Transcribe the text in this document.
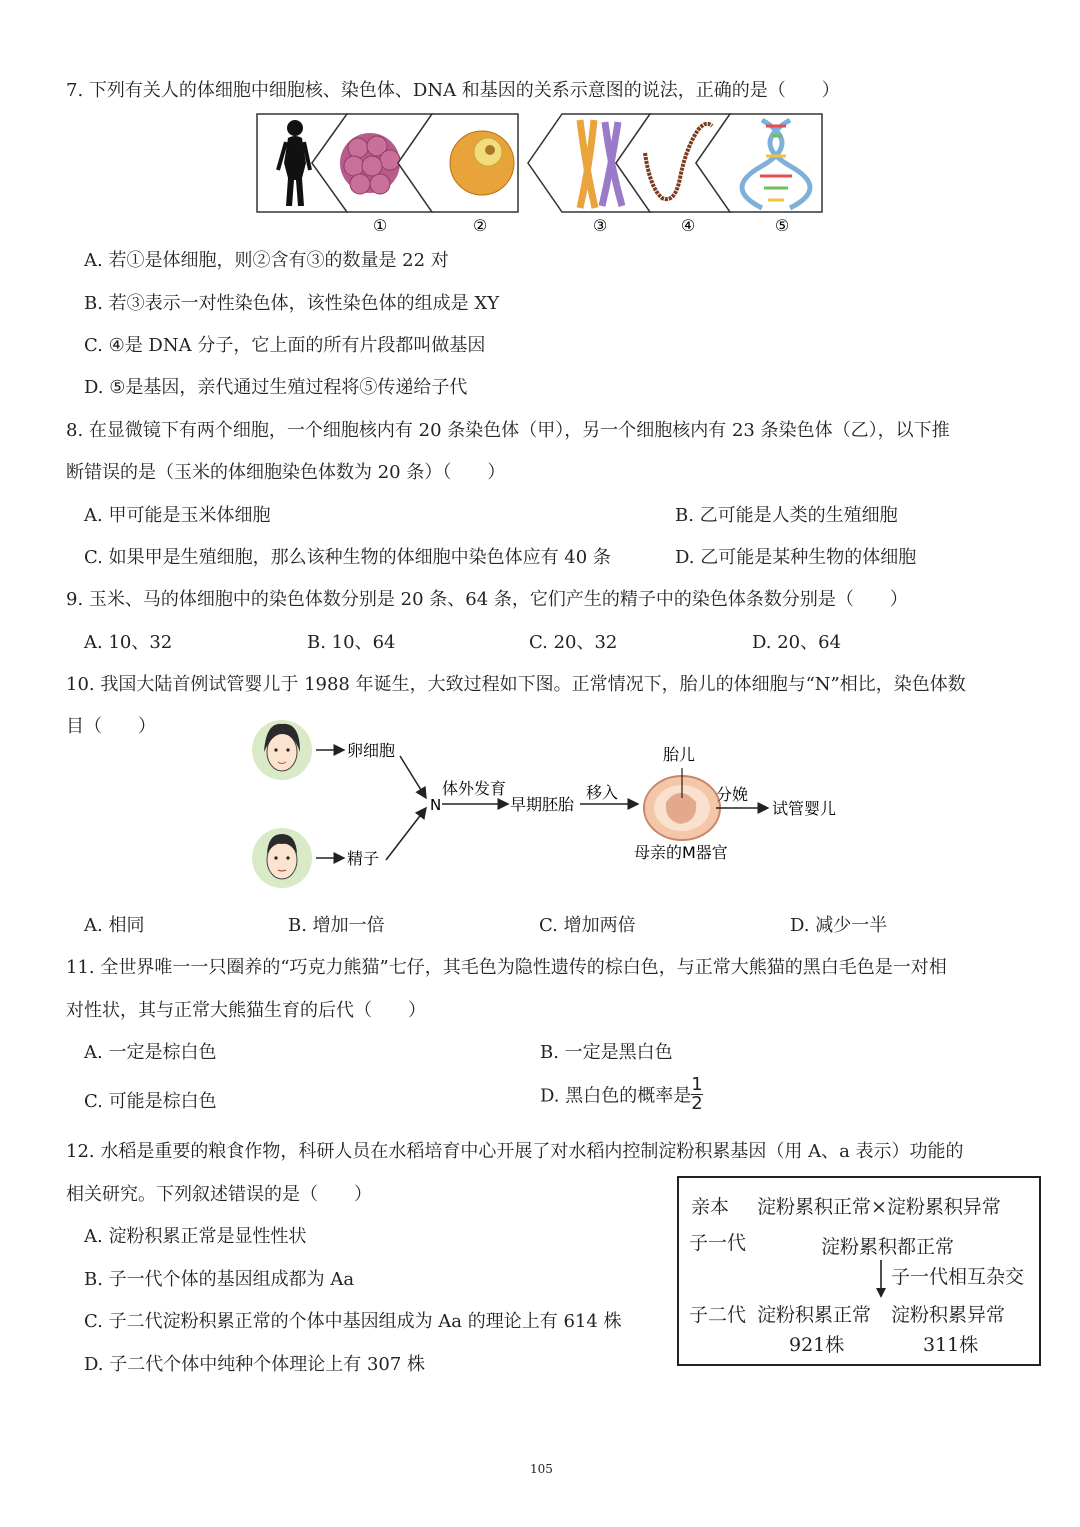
7. 下列有关人的体细胞中细胞核、染色体、DNA 和基因的关系示意图的说法，正确的是（　　）
①	②	③	④	⑤
A. 若①是体细胞，则②含有③的数量是 22 对
B. 若③表示一对性染色体，该性染色体的组成是 XY
C. ④是 DNA 分子，它上面的所有片段都叫做基因
D. ⑤是基因，亲代通过生殖过程将⑤传递给子代
8. 在显微镜下有两个细胞，一个细胞核内有 20 条染色体（甲），另一个细胞核内有 23 条染色体（乙），以下推
断错误的是（玉米的体细胞染色体数为 20 条）（　　）
A. 甲可能是玉米体细胞	B. 乙可能是人类的生殖细胞
C. 如果甲是生殖细胞，那么该种生物的体细胞中染色体应有 40 条	D. 乙可能是某种生物的体细胞
9. 玉米、马的体细胞中的染色体数分别是 20 条、64 条，它们产生的精子中的染色体条数分别是（　　）
A. 10、32	B. 10、64	C. 20、32	D. 20、64
10. 我国大陆首例试管婴儿于 1988 年诞生，大致过程如下图。正常情况下，胎儿的体细胞与“N”相比，染色体数
目（　　）
卵细胞
精子
N
体外发育
早期胚胎
移入
胎儿
分娩
试管婴儿
母亲的M器官
A. 相同	B. 增加一倍	C. 增加两倍	D. 减少一半
11. 全世界唯一一只圈养的“巧克力熊猫”七仔，其毛色为隐性遗传的棕白色，与正常大熊猫的黑白毛色是一对相
对性状，其与正常大熊猫生育的后代（　　）
A. 一定是棕白色	B. 一定是黑白色
C. 可能是棕白色	D. 黑白色的概率是 $\frac{1}{2}$
12. 水稻是重要的粮食作物，科研人员在水稻培育中心开展了对水稻内控制淀粉积累基因（用 A、a 表示）功能的
相关研究。下列叙述错误的是（　　）
A. 淀粉积累正常是显性性状
B. 子一代个体的基因组成都为 Aa
C. 子二代淀粉积累正常的个体中基因组成为 Aa 的理论上有 614 株
D. 子二代个体中纯种个体理论上有 307 株
亲本 淀粉累积正常×淀粉累积异常
子一代	淀粉累积都正常
子一代相互杂交
子二代 淀粉积累正常 淀粉积累异常
921株	311株
105
